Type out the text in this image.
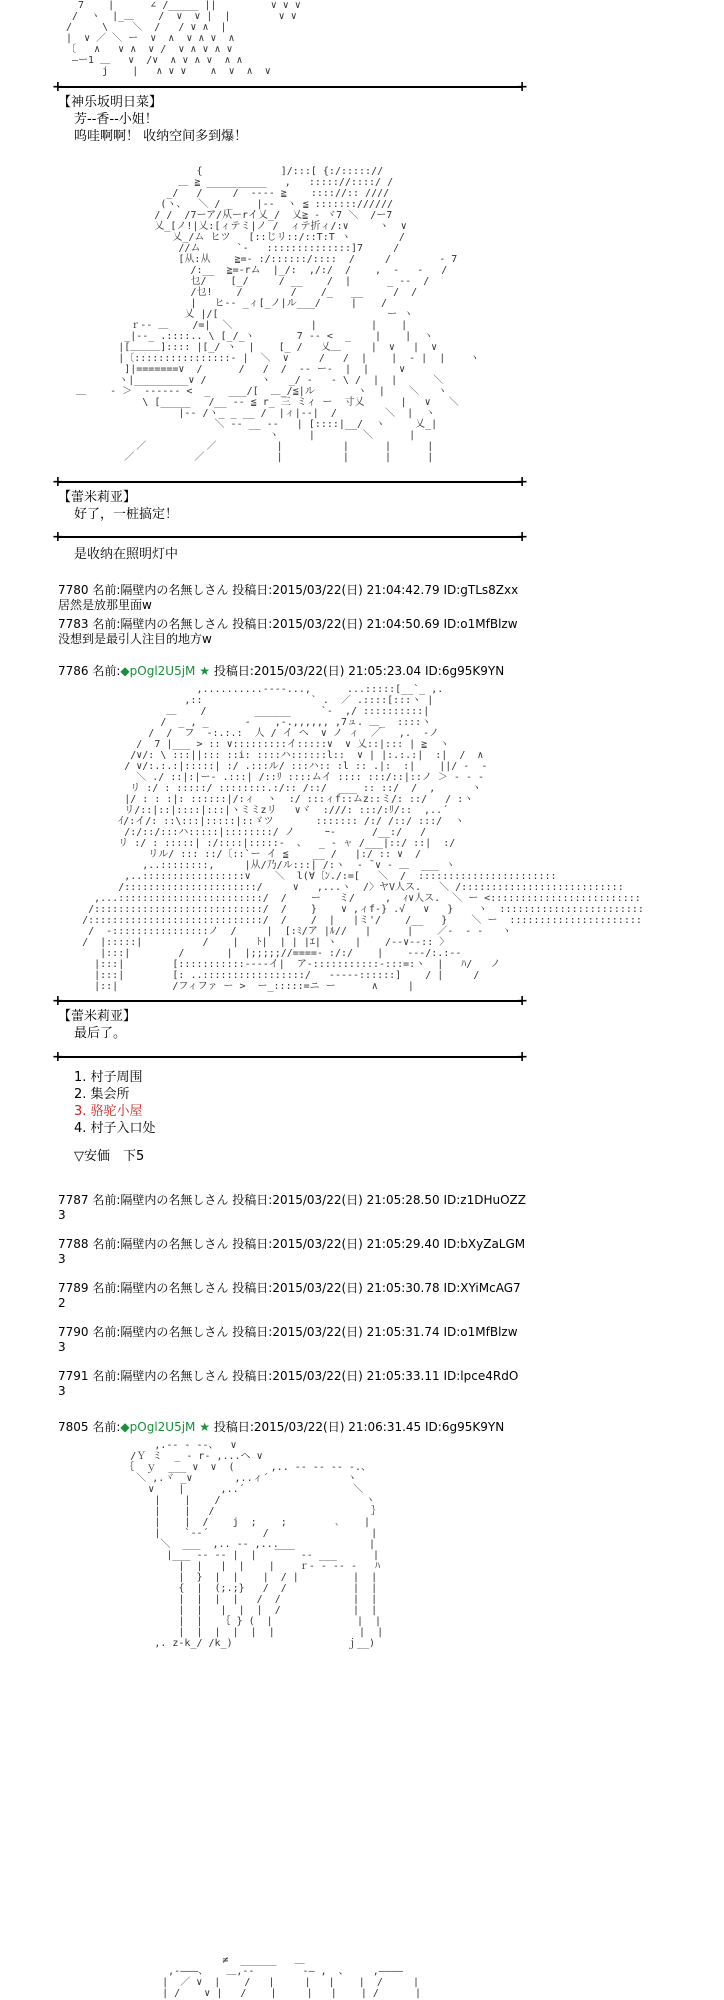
7    |      ∠ /_____ ||         ∨ ∨ ∨
/  ヽ  |_＿    /  ∨  ∨ |  |        ∨ ∨
/     \    ＼  /   / ∨ ∧  |
|  ∨ ／ ＼ ー  ∨  ∧  ∨ ∧ ∨  ∧
〔   ∧   ∨ ∧  ∨ /  ∨ ∧ ∨ ∧ ∨
―ー1 ＿   ∨  /∨  ∧ ∨ ∧ ∨  ∧ ∧
j    |   ∧ ∨ ∨    ∧  ∨  ∧  ∨
+	+
【神乐坂明日菜】
芳--香--小姐！
呜哇啊啊！ 收纳空间多到爆！
{             ]/:::[ {:/::::://
＿ ≧ __________   ,   ::::://::::/ /
_/   /     /  ‐‐‐‐ ≧    :::://:: ////
(ヽ、  ＼ / _    |‐‐  ヽ ≦ ::::::://////
/ /  /7ーア/从ーrイ乂_/  乂≧ ‐ ヾ7 ＼  /ー7
乂_[ノ!|乂:[ィテミ|ノ /  ィテ折ィ/:∨     ヽ  ∨
乂_/ム ヒツ   [::じリ::/::Т:Т ヽ        /
//ム      `‐   ::::::::::::::]7     /
[从:从    ≧=‐ :/::::::/::::  /     /        - 7
/:__  ≧=‐rム  |_/:  ,/:/  /    ,  ‐   ‐   /
乜/    [_/     / __    /  |      _ ‐‐  /
/乜!    /        /    /_   __     /  /
|   ヒ‐‐ _ィ[_ノ|ル___/     |    /
乂 |/[                            ー ヽ
ｒ‐‐ ＿    /=|  ＼             |         |    |
_|‐‐_ .::::.. \ [_/_ヽ       7 ‐‐ <  _    |    |  ヽ
|[＿＿＿]:::: |[_/ ヽ  |    [_ /   乂＿     |  ∨   |  ∨
|〔::::::::::::::::‐ |  ＼  ∨     /   /  |    |  ‐ |  |    ヽ
]|=======∨  /      /   /  /  ‐‐ ー‐  |  |     ∨
ヽ|_________∨ /         ヽ   _/ ‐   ‐ \ /  |  |      ＼
＿    ‐ ＞  ‐‐‐‐‐‐ <  _   ___/[  ＿_/≦|ル       ヽ  |    ＼   ヽ
\ [_____   /__ ‐‐ ≦ r_ 三 ミィ ー  寸乂      |   ∨   ＼
|‐‐ /ヽ_ _ __ /  |ィ|‐‐|  /        ＼  |  ヽ
＼ ‐‐ __ ‐‐   | [::::|__/  ヽ     乂_|
ヽ     |        ＼      |
／          ／          |          |      |      |
／          ／            |          |      |      |
+	+
【蕾米莉亚】
好了，一桩搞定！
+	+
是收纳在照明灯中
7780 名前:隔壁内の名無しさん 投稿日:2015/03/22(日) 21:04:42.79 ID:gTLs8Zxx
居然是放那里面w
7783 名前:隔壁内の名無しさん 投稿日:2015/03/22(日) 21:04:50.69 ID:o1MfBlzw
没想到是最引人注目的地方w
7786 名前:◆pOgl2U5jM ★ 投稿日:2015/03/22(日) 21:05:23.04 ID:6g95K9YN
,..........----...,      ...:::::[__`_ ,.
,::                  ` .  ／ .::::[:::ヽ |
＿    /        ______     `-  ,/ ::::::::::|
/  _ , _      ‐    ,-.,,,,,, ,7ュ. ＿_  ::::ヽ
/  /  フ  ‐:.:.:  人 / イ ヘ  ∨ ノ ィ  ／   ,.  ‐ノ
/  7 |___ > :: ∨:::::::::イ:::::∨  ∨ 乂::|::: | ≧  ヽ
/∨/: \ :::||::: ::i: ::::ハ::::::l::  ∨ | |:.:.:|  :|  /  ∧
/ ∨/:.:.:|:::::| :/ .:::ル/ :::ハ:: :l :: .|:  :|    ||/ ‐  ‐
＼ ./ ::|:|ー‐ .:::| /::ﾘ ::::ムイ :::: :::/::|::ノ ＞ ‐ ‐ ‐
リ :/ : :::::/ ::::::::.:/:: /::/  ___ :: ::/  /  ,      ヽ
|/ : : :|: ::::::|/:ィ  ヽ  :/ :::ィf::ムz::ミ/: ::/   / :ヽ
リ/::|::|::::|:::|ヽミミzリ   ∨ヾ  :///: :::/:ﾘ/::  ,..´
ｲ/:イ/: ::\:::|:::::|::ゞツ       ::::::: /:/ /::/ :::/  ヽ
/:/::/:::ハ:::::|::::::::/ ノ     ｰ‐      /__:/   /
リ :/ : :::::| :/::::|:::::‐  、  _ ‐ ャ /___|::/ ::|  :/
リル/ ::: ::/〔::`ー イ ≦    __ /   |:/ :: ∨  /
,..::::::::,     |从/乃/ル:::| /:ヽ  ‐ ̄ ∨ ‐ ＿  ___ ヽ
,..:::::::::::::::::∨    ＼  l(∀〔ﾝ./:=[   ＼  /  :::::::::::::::::::::::
/::::::::::::::::::::::/     ∨   ,...ヽ  /〉ヤV人ス.   ＼ /:::::::::::::::::::::::::::
,...::::::::::::::::::::::::/  /    ー   ミ/     ,  ｨ∨人ス.  ＼ ー <:::::::::::::::::::::::::
/::::::::::::::::::::::::::::/  /    }    ∨ ,ィf‐} .√   ∨   }    ヽ  ::::::::::::::::::::::::
/:::::::::::::::::::::::::::::/  /    /  |   |ミ'/    /__   }    ＼ ー  ::::::::::::::::::::::
/  ‐::::::::::::::::ノ  /     |  [:ﾐ/ア |ﾙ//   |      |    ／‐  ‐ ‐   ヽ
/  |:::::|          /    |   ﾄ|  | | |ｴ| ヽ   |    /‐‐∨‐‐:: 〉
|:::|        /       |  |;;;;;//====- :/:/    |    ‐‐‐/:.:‐‐
|:::|        [:::::::::::----イ|  ア-:::::::::::-:::=:ヽ  |   ﾊ/   ノ
|:::|        [: ..:::::::::::::::::/   -----::::::]    / |     /
|::|         /フィファ ー >  ー_:::::=ニ ー      ∧     |
+	+
【蕾米莉亚】
最后了。
+	+
1. 村子周围
2. 集会所
3. 骆驼小屋
4. 村子入口处
▽安価　下5
7787 名前:隔壁内の名無しさん 投稿日:2015/03/22(日) 21:05:28.50 ID:z1DHuOZZ
3
7788 名前:隔壁内の名無しさん 投稿日:2015/03/22(日) 21:05:29.40 ID:bXyZaLGM
3
7789 名前:隔壁内の名無しさん 投稿日:2015/03/22(日) 21:05:30.78 ID:XYiMcAG7
2
7790 名前:隔壁内の名無しさん 投稿日:2015/03/22(日) 21:05:31.74 ID:o1MfBlzw
3
7791 名前:隔壁内の名無しさん 投稿日:2015/03/22(日) 21:05:33.11 ID:lpce4RdO
3
7805 名前:◆pOgl2U5jM ★ 投稿日:2015/03/22(日) 21:06:31.45 ID:6g95K9YN
,.-‐ ‐ ‐-、  ∨
/Ｙ ミ  _ ‐ r‐ ,...ヘ ∨
｛  ｙ  ___ ∨  ∨  (      ,.. -‐ -‐ -‐ -.、
＼ ,.ヾ _∨       ,..ィ´             ヽ
∨    |      ,..´                  ＼
|    |    /                        ヽ
|    |   /                          ｝
|    |  /    j  ;    ;        ､    |
|    `--´         /                 |
＼  ___  ,.. -‐ ,...               |
|___ ‐‐ ‐‐ |  |   ￣￣ ‐‐ ___      |
|  |   |  |    |    ｒ‐ ‐ ‐‐ ‐   ﾊ
|  }  |  |    |  / |         |  |
{  |  (;.;}   /  /           |  |
|  |  |  |   /  /            |  |
|  |   |  |  |  /            |  |
|  |   ｛ } (  |              |  |
|  |  |  |  |  |              |  |
,. z‐k_/ /k_)                   ｊ__)
≠  ______   ＿
,-―――、   ＿,-‐        ‐― ,  、    ,――――
|  ／ ∨  |    /   |     |   |    |  /     |
| /    ∨ |   /    |     |   |    | /      |
